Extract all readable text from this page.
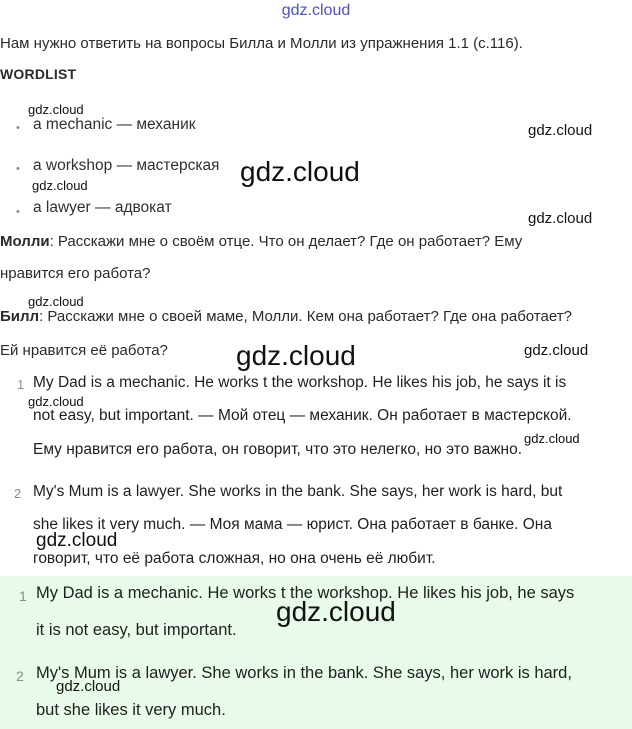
gdz.cloud
Нам нужно ответить на вопросы Билла и Молли из упражнения 1.1 (с.116).
WORDLIST
• a mechanic — механик
• a workshop — мастерская
• a lawyer — адвокат
Молли: Расскажи мне о своём отце. Что он делает? Где он работает? Ему
нравится его работа?
Билл: Расскажи мне о своей маме, Молли. Кем она работает? Где она работает?
Ей нравится её работа?
1 My Dad is a mechanic. He works t the workshop. He likes his job, he says it is
not easy, but important. — Мой отец — механик. Он работает в мастерской.
Ему нравится его работа, он говорит, что это нелегко, но это важно.
2 My's Mum is a lawyer. She works in the bank. She says, her work is hard, but
she likes it very much. — Моя мама — юрист. Она работает в банке. Она
говорит, что её работа сложная, но она очень её любит.
1 My Dad is a mechanic. He works t the workshop. He likes his job, he says
it is not easy, but important.
2 My's Mum is a lawyer. She works in the bank. She says, her work is hard,
but she likes it very much.
gdz.cloud
gdz.cloud
gdz.cloud
gdz.cloud
gdz.cloud
gdz.cloud
gdz.cloud	gdz.cloud
gdz.cloud
gdz.cloud
gdz.cloud
gdz.cloud
gdz.cloud
